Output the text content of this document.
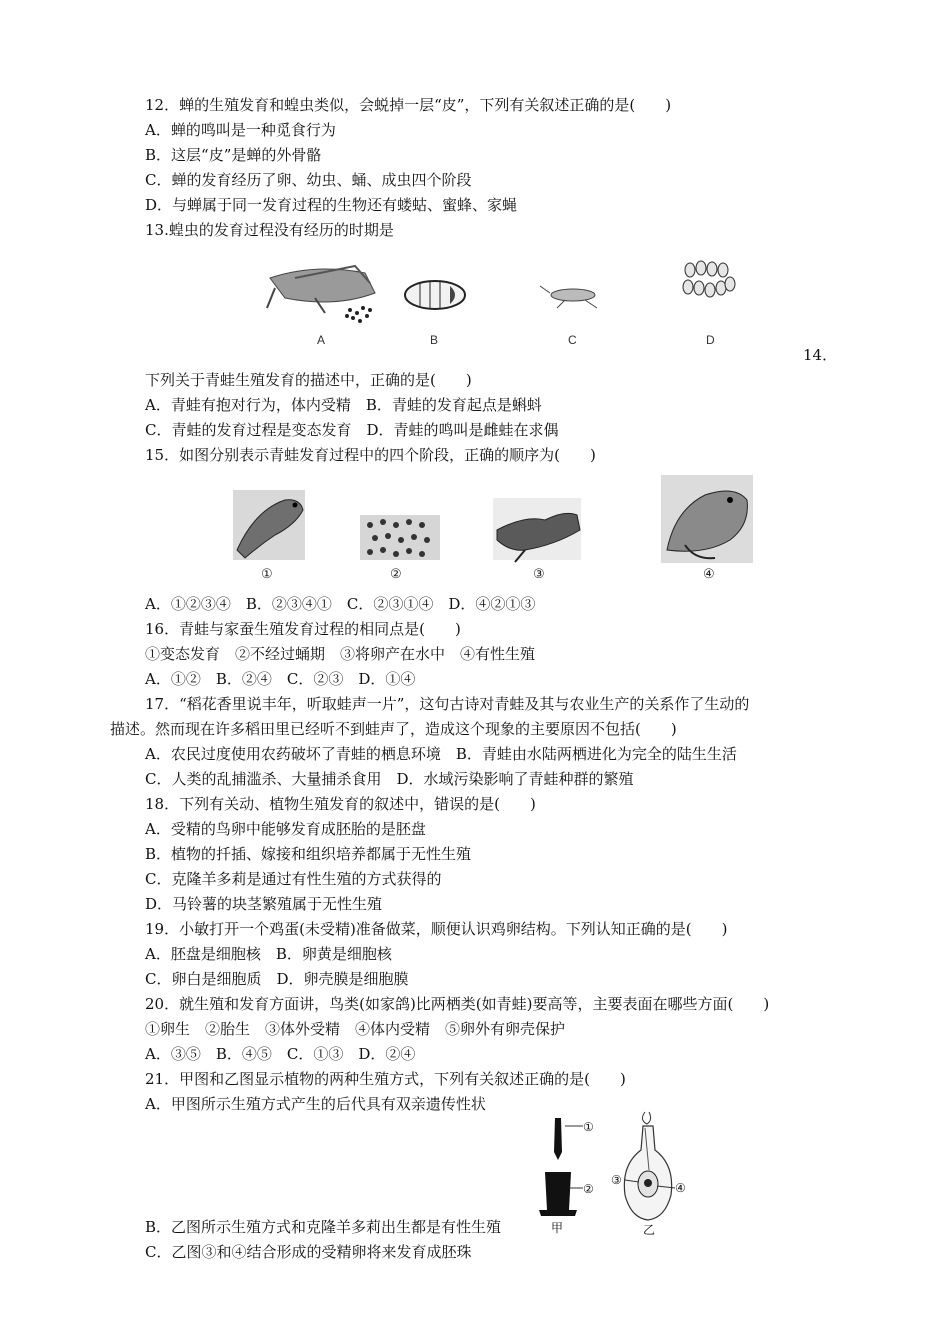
12．蝉的生殖发育和蝗虫类似，会蜕掉一层“皮”，下列有关叙述正确的是(　　)
A．蝉的鸣叫是一种觅食行为
B．这层“皮”是蝉的外骨骼
C．蝉的发育经历了卵、幼虫、蛹、成虫四个阶段
D．与蝉属于同一发育过程的生物还有蝼蛄、蜜蜂、家蝇
13.蝗虫的发育过程没有经历的时期是
A	B	C	D
14．
下列关于青蛙生殖发育的描述中，正确的是(　　)
A．青蛙有抱对行为，体内受精　B．青蛙的发育起点是蝌蚪
C．青蛙的发育过程是变态发育　D．青蛙的鸣叫是雌蛙在求偶
15．如图分别表示青蛙发育过程中的四个阶段，正确的顺序为(　　)
①	②	③	④
A．①②③④　B．②③④①　C．②③①④　D．④②①③
16．青蛙与家蚕生殖发育过程的相同点是(　　)
①变态发育　②不经过蛹期　③将卵产在水中　④有性生殖
A．①②　B．②④　C．②③　D．①④
17．“稻花香里说丰年，听取蛙声一片”，这句古诗对青蛙及其与农业生产的关系作了生动的
描述。然而现在许多稻田里已经听不到蛙声了，造成这个现象的主要原因不包括(　　)
A．农民过度使用农药破坏了青蛙的栖息环境　B．青蛙由水陆两栖进化为完全的陆生生活
C．人类的乱捕滥杀、大量捕杀食用　D．水域污染影响了青蛙种群的繁殖
18．下列有关动、植物生殖发育的叙述中，错误的是(　　)
A．受精的鸟卵中能够发育成胚胎的是胚盘
B．植物的扦插、嫁接和组织培养都属于无性生殖
C．克隆羊多莉是通过有性生殖的方式获得的
D．马铃薯的块茎繁殖属于无性生殖
19．小敏打开一个鸡蛋(未受精)准备做菜，顺便认识鸡卵结构。下列认知正确的是(　　)
A．胚盘是细胞核　B．卵黄是细胞核
C．卵白是细胞质　D．卵壳膜是细胞膜
20．就生殖和发育方面讲，鸟类(如家鸽)比两栖类(如青蛙)要高等，主要表面在哪些方面(　　)
①卵生　②胎生　③体外受精　④体内受精　⑤卵外有卵壳保护
A．③⑤　B．④⑤　C．①③　D．②④
21．甲图和乙图显示植物的两种生殖方式，下列有关叙述正确的是(　　)
A．甲图所示生殖方式产生的后代具有双亲遗传性状
①
②
甲
③
④
乙
B．乙图所示生殖方式和克隆羊多莉出生都是有性生殖
C．乙图③和④结合形成的受精卵将来发育成胚珠
